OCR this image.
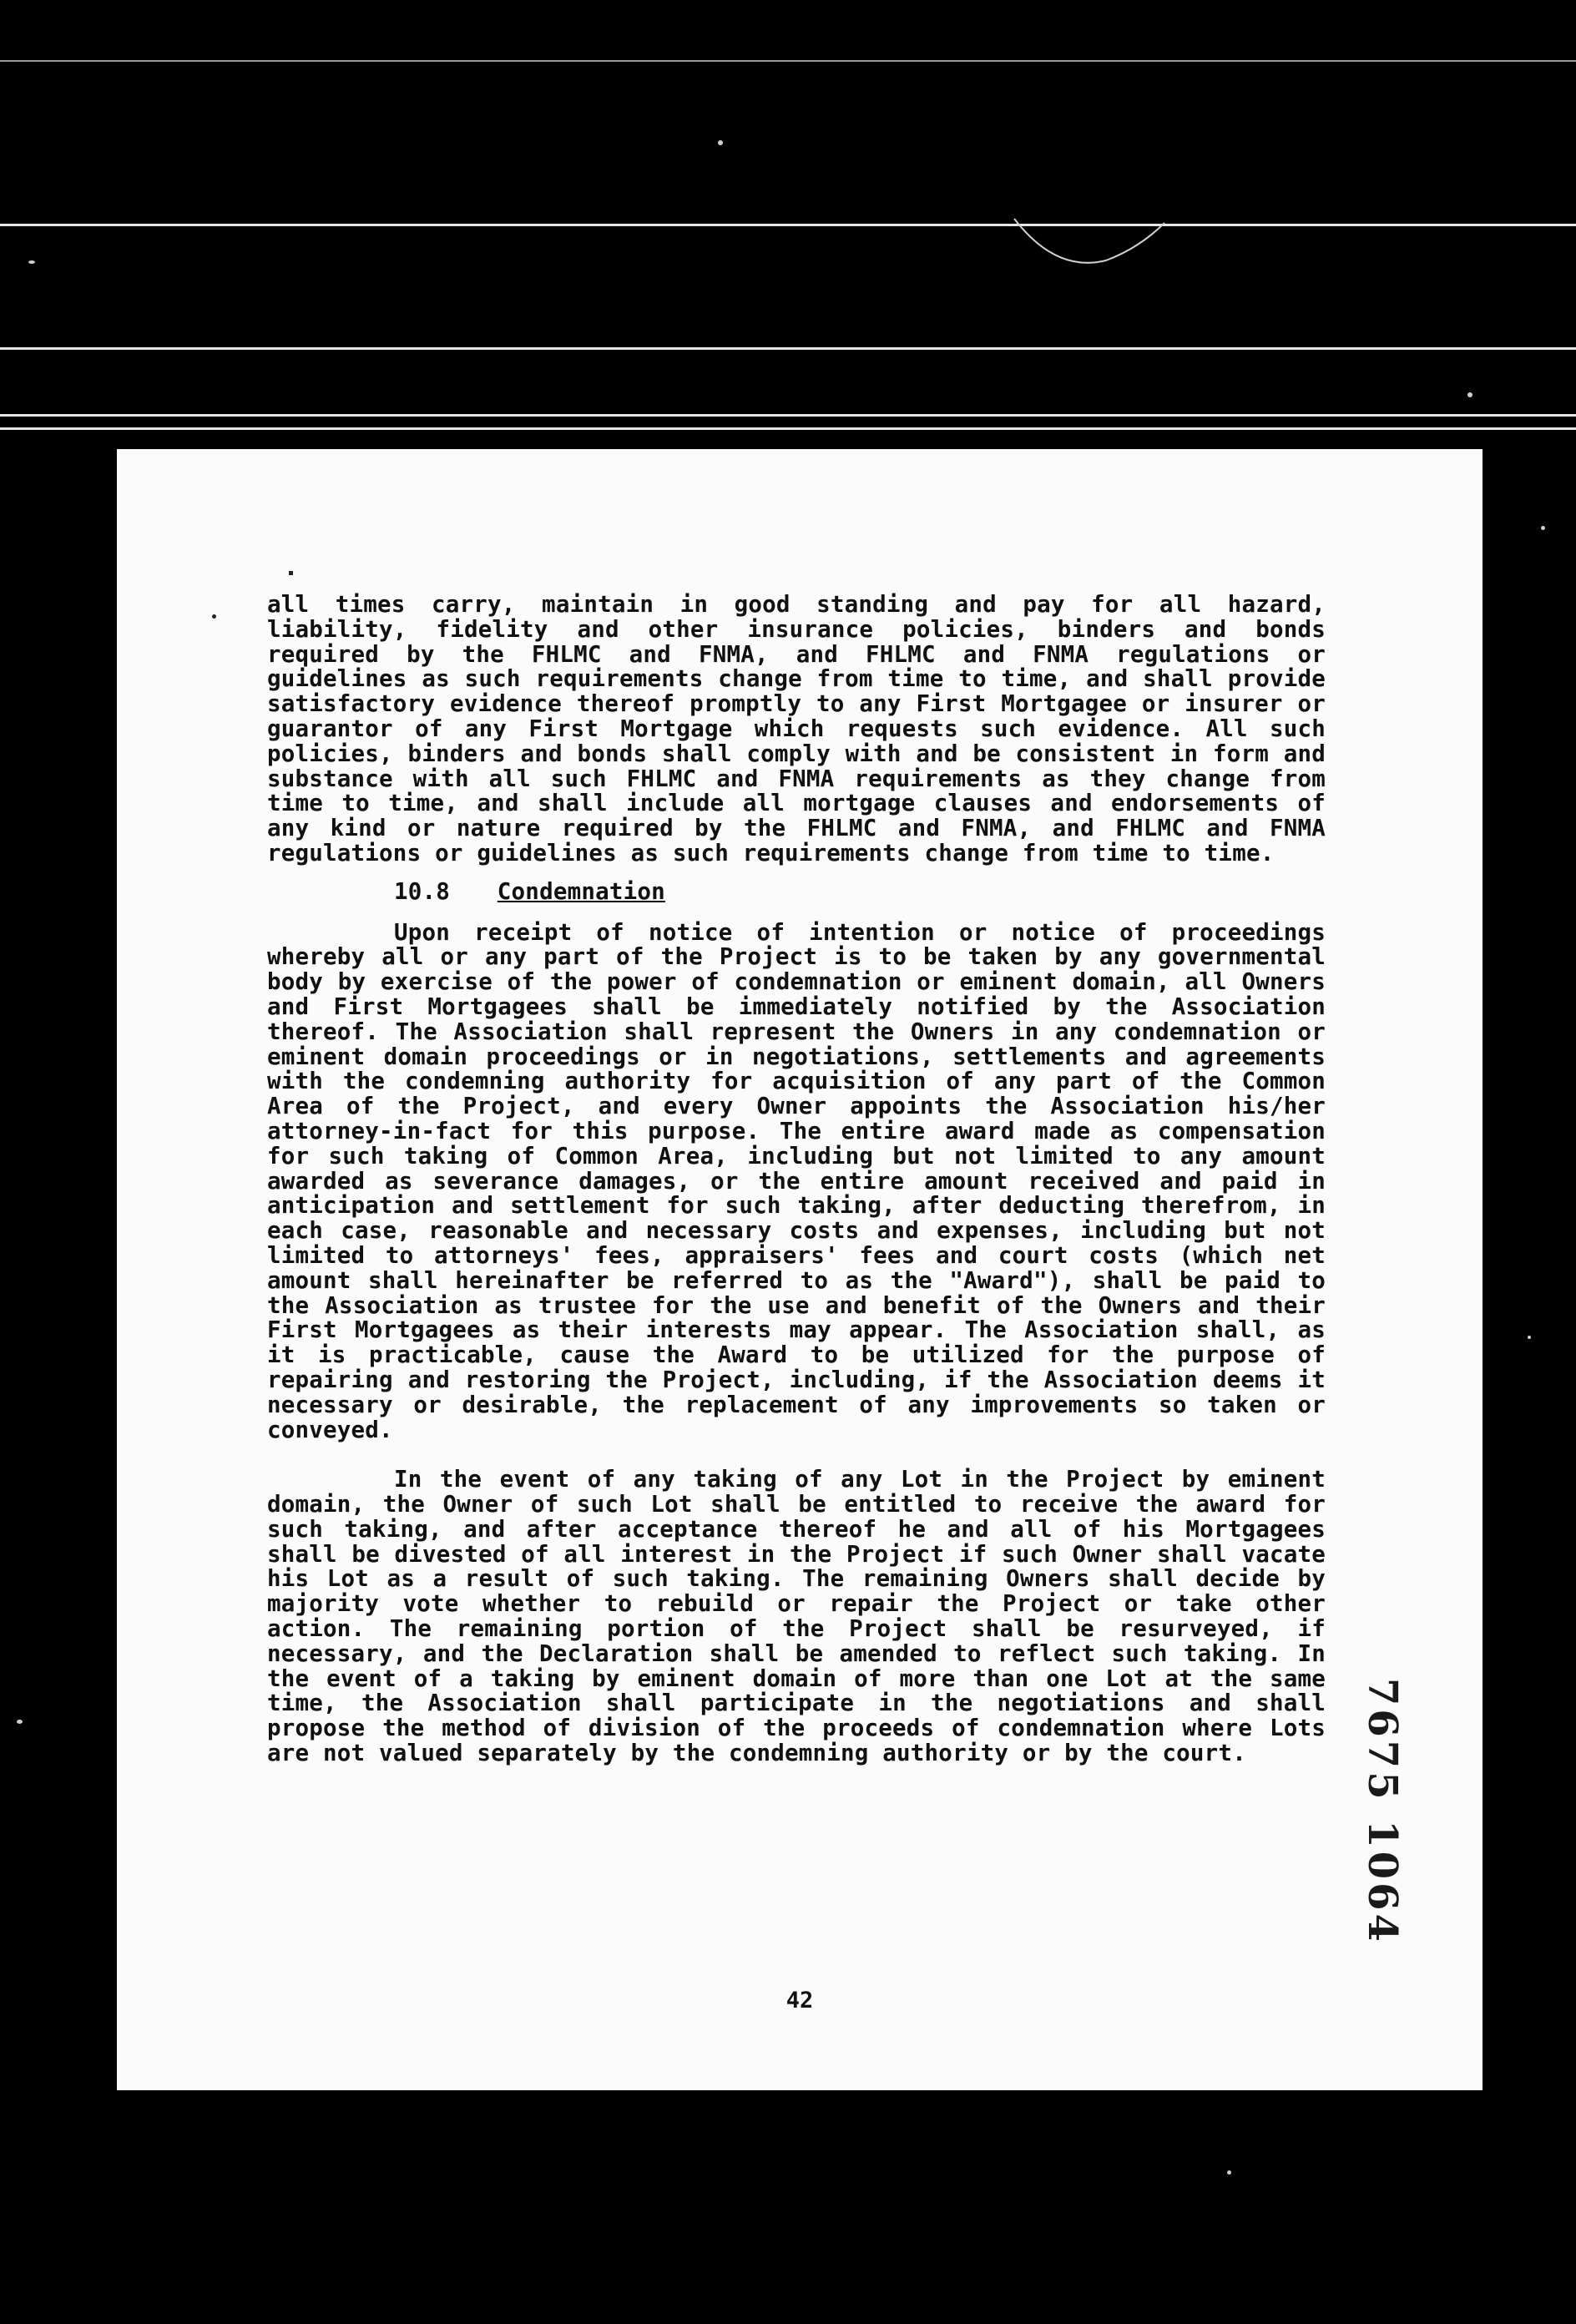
all times carry, maintain in good standing and pay for all hazard, liability, fidelity and other insurance policies, binders and bonds required by the FHLMC and FNMA, and FHLMC and FNMA regulations or guidelines as such requirements change from time to time, and shall provide satisfactory evidence thereof promptly to any First Mortgagee or insurer or guarantor of any First Mortgage which requests such evidence. All such policies, binders and bonds shall comply with and be consistent in form and substance with all such FHLMC and FNMA requirements as they change from time to time, and shall include all mortgage clauses and endorsements of any kind or nature required by the FHLMC and FNMA, and FHLMC and FNMA regulations or guidelines as such requirements change from time to time.

10.8 Condemnation

Upon receipt of notice of intention or notice of proceedings whereby all or any part of the Project is to be taken by any governmental body by exercise of the power of condemnation or eminent domain, all Owners and First Mortgagees shall be immediately notified by the Association thereof. The Association shall represent the Owners in any condemnation or eminent domain proceedings or in negotiations, settlements and agreements with the condemning authority for acquisition of any part of the Common Area of the Project, and every Owner appoints the Association his/her attorney-in-fact for this purpose. The entire award made as compensation for such taking of Common Area, including but not limited to any amount awarded as severance damages, or the entire amount received and paid in anticipation and settlement for such taking, after deducting therefrom, in each case, reasonable and necessary costs and expenses, including but not limited to attorneys' fees, appraisers' fees and court costs (which net amount shall hereinafter be referred to as the "Award"), shall be paid to the Association as trustee for the use and benefit of the Owners and their First Mortgagees as their interests may appear. The Association shall, as it is practicable, cause the Award to be utilized for the purpose of repairing and restoring the Project, including, if the Association deems it necessary or desirable, the replacement of any improvements so taken or conveyed.

In the event of any taking of any Lot in the Project by eminent domain, the Owner of such Lot shall be entitled to receive the award for such taking, and after acceptance thereof he and all of his Mortgagees shall be divested of all interest in the Project if such Owner shall vacate his Lot as a result of such taking. The remaining Owners shall decide by majority vote whether to rebuild or repair the Project or take other action. The remaining portion of the Project shall be resurveyed, if necessary, and the Declaration shall be amended to reflect such taking. In the event of a taking by eminent domain of more than one Lot at the same time, the Association shall participate in the negotiations and shall propose the method of division of the proceeds of condemnation where Lots are not valued separately by the condemning authority or by the court.

42
7675 1064
